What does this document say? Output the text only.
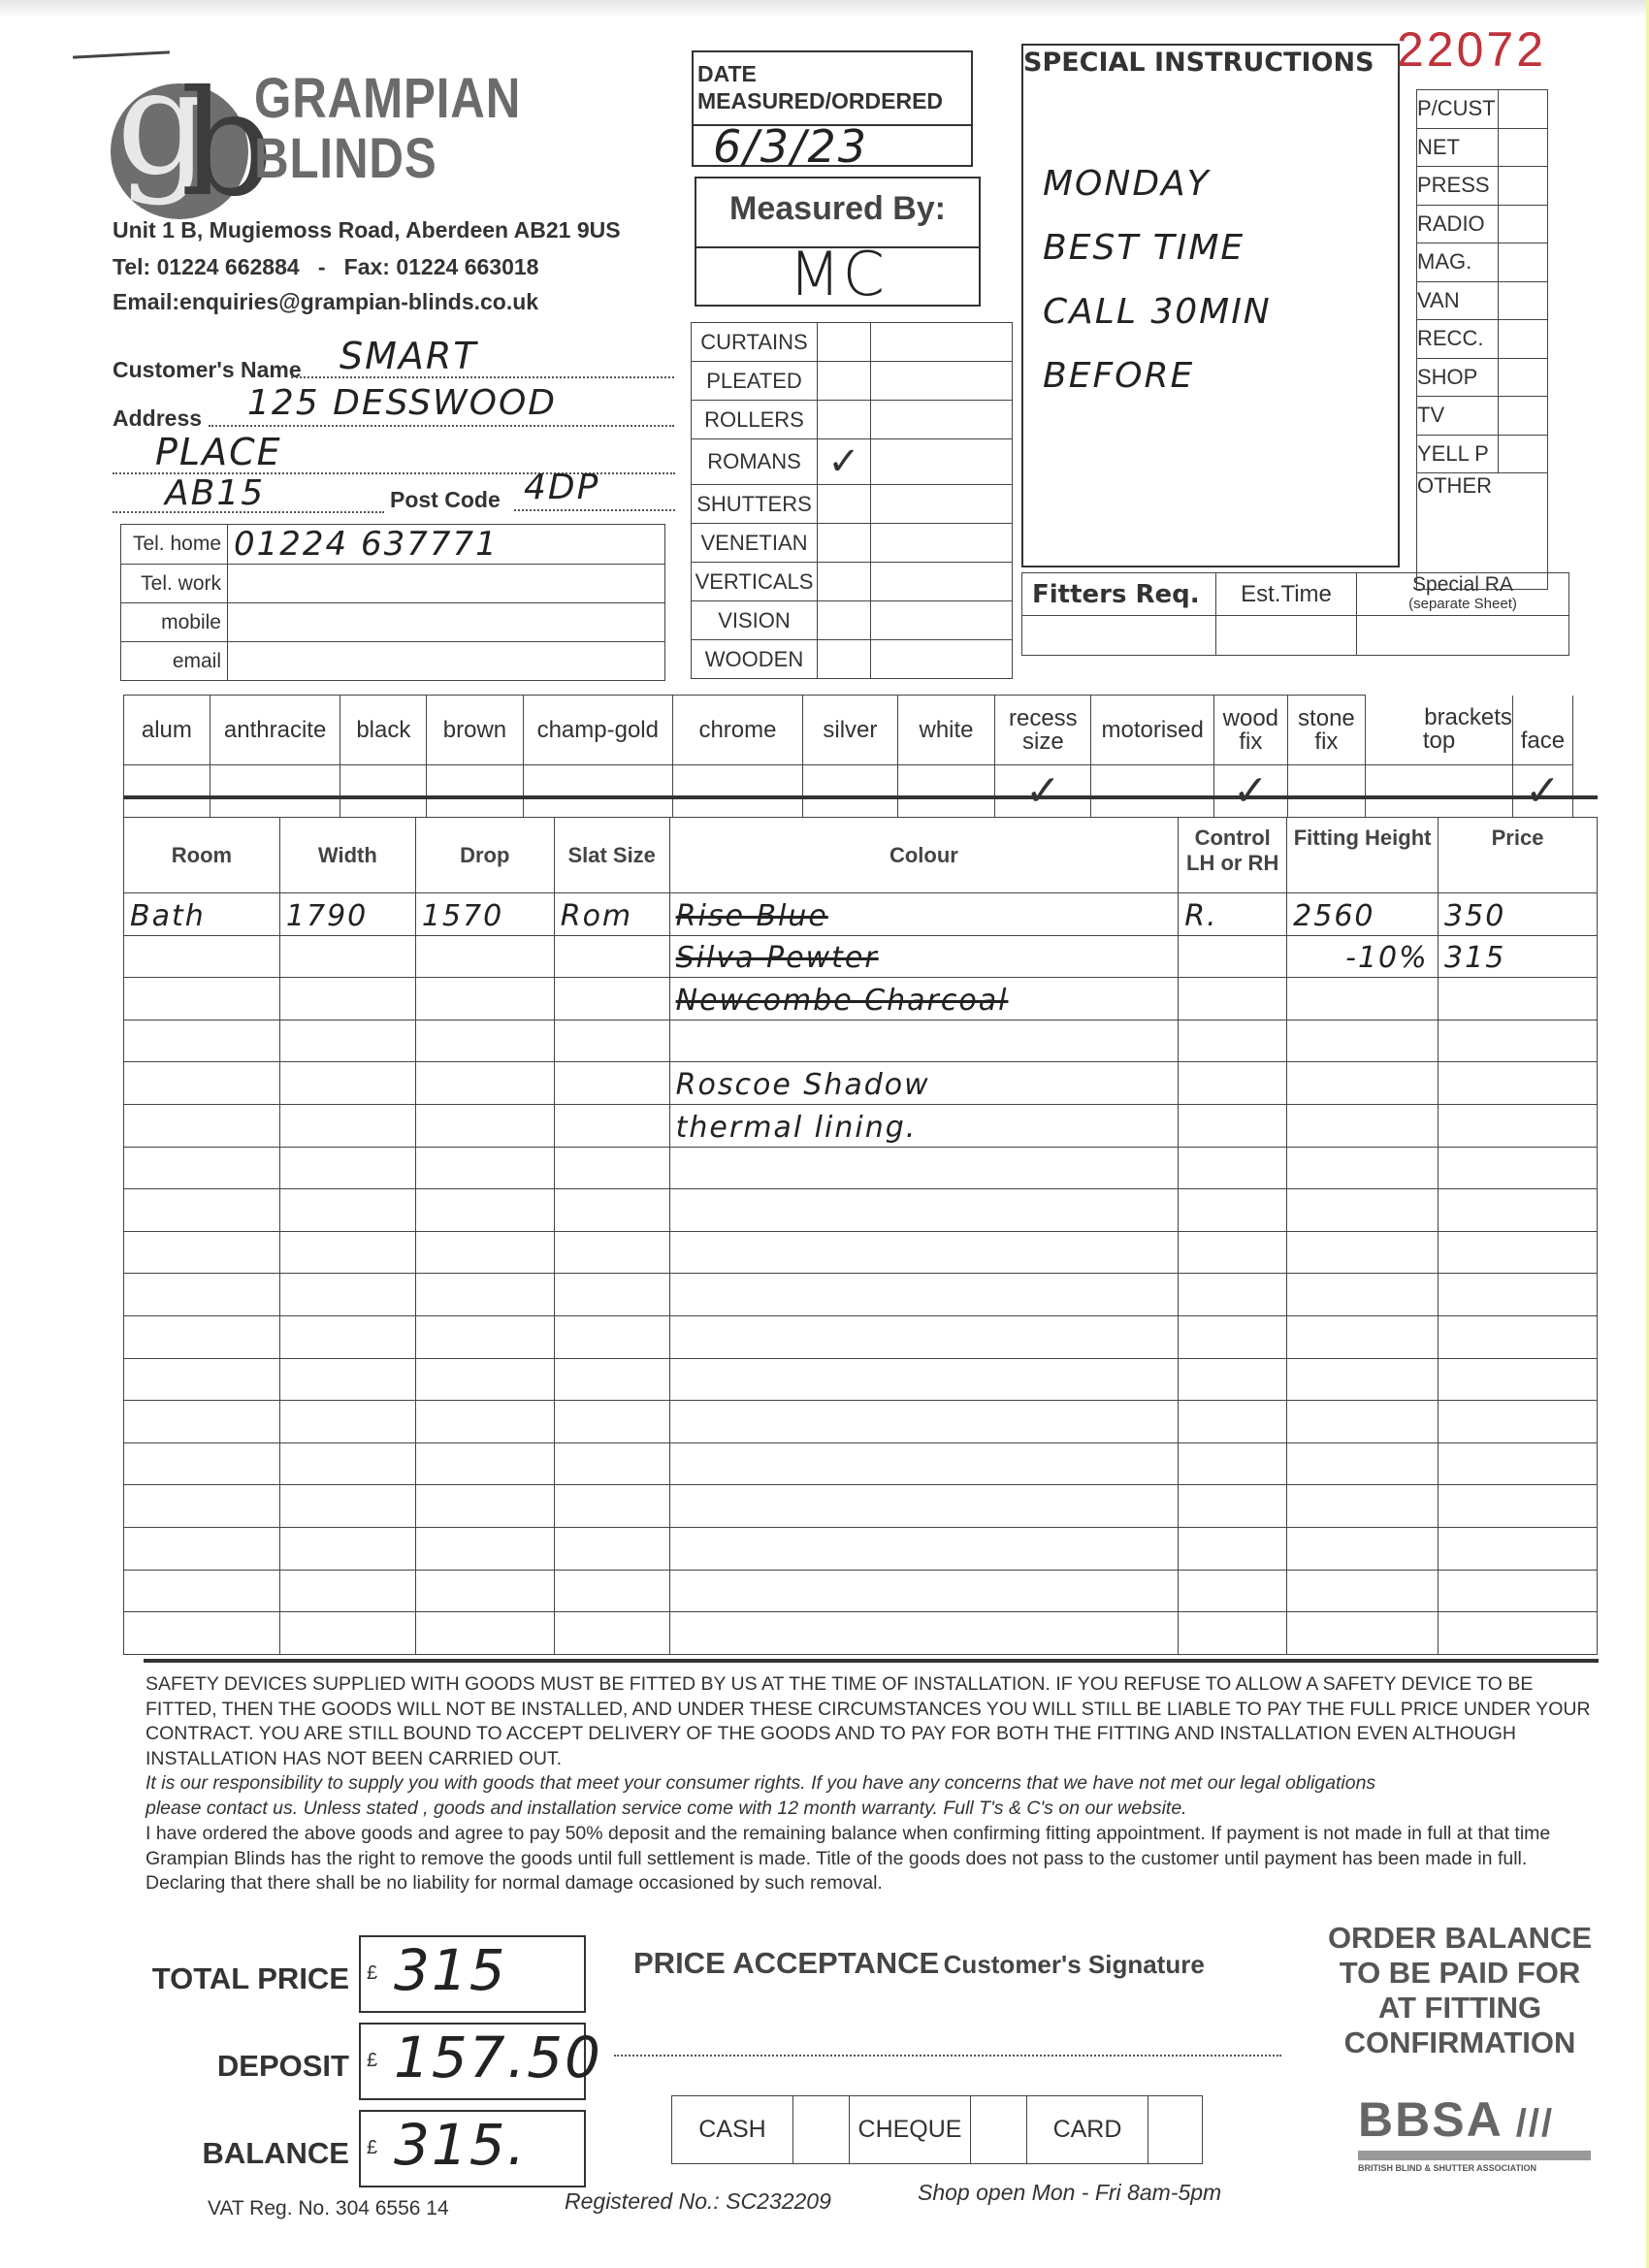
g
b
GRAMPIAN
BLINDS
Unit 1 B, Mugiemoss Road, Aberdeen AB21 9US
Tel: 01224 662884   -   Fax: 01224 663018
Email:enquiries@grampian-blinds.co.uk
DATE
MEASURED/ORDERED
6/3/23
Measured By:
MC
SPECIAL INSTRUCTIONS
MONDAY
BEST TIME
CALL 30MIN
BEFORE
22072
P/CUST	
NET	
PRESS	
RADIO	
MAG.	
VAN	
RECC.	
SHOP	
TV	
YELL P	
OTHER	
Fitters Req.	Est.Time	Special RA
(separate Sheet)

Customer's Name SMART
Address 125 DESSWOOD
PLACE
AB15	Post Code 4DP
Tel. home	01224 637771
Tel. work	
mobile	
email	
CURTAINS		
PLEATED		
ROLLERS		
ROMANS	✓	
SHUTTERS		
VENETIAN		
VERTICALS		
VISION		
WOODEN		
alum	anthracite	black	brown	champ-gold	chrome	silver	white	recess size	motorised	wood fix	stone fix	brackets
top	face

								✓		✓			✓
Room	Width	Drop	Slat Size	Colour	Control LH or RH	Fitting Height	Price

Bath	1790	1570	Rom	Rise Blue	R.	2560	350

				Silva Pewter		-10%	315

				Newcombe Charcoal			

				Roscoe Shadow			

				thermal lining.			

SAFETY DEVICES SUPPLIED WITH GOODS MUST BE FITTED BY US AT THE TIME OF INSTALLATION. IF YOU REFUSE TO ALLOW A SAFETY DEVICE TO BE FITTED, THEN THE GOODS WILL NOT BE INSTALLED, AND UNDER THESE CIRCUMSTANCES YOU WILL STILL BE LIABLE TO PAY THE FULL PRICE UNDER YOUR CONTRACT. YOU ARE STILL BOUND TO ACCEPT DELIVERY OF THE GOODS AND TO PAY FOR BOTH THE FITTING AND INSTALLATION EVEN ALTHOUGH INSTALLATION HAS NOT BEEN CARRIED OUT.
It is our responsibility to supply you with goods that meet your consumer rights. If you have any concerns that we have not met our legal obligations
please contact us. Unless stated , goods and installation service come with 12 month warranty. Full T's & C's on our website.
I have ordered the above goods and agree to pay 50% deposit and the remaining balance when confirming fitting appointment. If payment is not made in full at that time Grampian Blinds has the right to remove the goods until full settlement is made. Title of the goods does not pass to the customer until payment has been made in full. Declaring that there shall be no liability for normal damage occasioned by such removal.
TOTAL PRICE £ 315
DEPOSIT £ 157.50
BALANCE £ 315.
PRICE ACCEPTANCE Customer's Signature
CASH		CHEQUE		CARD	
ORDER BALANCE
TO BE PAID FOR
AT FITTING
CONFIRMATION
BBSA ///
BRITISH BLIND & SHUTTER ASSOCIATION
VAT Reg. No. 304 6556 14	Registered No.: SC232209	Shop open Mon - Fri 8am-5pm
